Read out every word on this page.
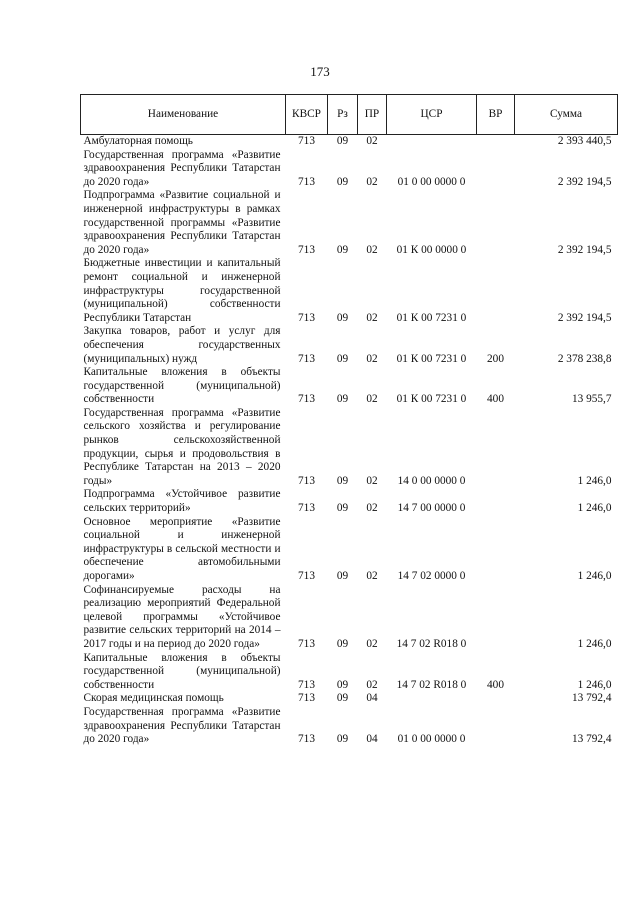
173
Наименование	КВСР	Рз	ПР	ЦСР	ВР	Сумма
Амбулаторная помощь	713	09	02			2 393 440,5
Государственная программа «Развитие здравоохранения Республики Татарстан до 2020 года»	713	09	02	01 0 00 0000 0		2 392 194,5
Подпрограмма «Развитие социальной и инженерной инфраструктуры в рамках государственной программы «Развитие здравоохранения Республики Татарстан до 2020 года»	713	09	02	01 К 00 0000 0		2 392 194,5
Бюджетные инвестиции и капитальный ремонт социальной и инженерной инфраструктуры государственной (муниципальной) собственности Республики Татарстан	713	09	02	01 К 00 7231 0		2 392 194,5
Закупка товаров, работ и услуг для обеспечения государственных (муниципальных) нужд	713	09	02	01 К 00 7231 0	200	2 378 238,8
Капитальные вложения в объекты государственной (муниципальной) собственности	713	09	02	01 К 00 7231 0	400	13 955,7
Государственная программа «Развитие сельского хозяйства и регулирование рынков сельскохозяйственной продукции, сырья и продовольствия в Республике Татарстан на 2013 – 2020 годы»	713	09	02	14 0 00 0000 0		1 246,0
Подпрограмма «Устойчивое развитие сельских территорий»	713	09	02	14 7 00 0000 0		1 246,0
Основное мероприятие «Развитие социальной и инженерной инфраструктуры в сельской местности и обеспечение автомобильными дорогами»	713	09	02	14 7 02 0000 0		1 246,0
Софинансируемые расходы на реализацию мероприятий Федеральной целевой программы «Устойчивое развитие сельских территорий на 2014 – 2017 годы и на период до 2020 года»	713	09	02	14 7 02 R018 0		1 246,0
Капитальные вложения в объекты государственной (муниципальной) собственности	713	09	02	14 7 02 R018 0	400	1 246,0
Скорая медицинская помощь	713	09	04			13 792,4
Государственная программа «Развитие здравоохранения Республики Татарстан до 2020 года»	713	09	04	01 0 00 0000 0		13 792,4
